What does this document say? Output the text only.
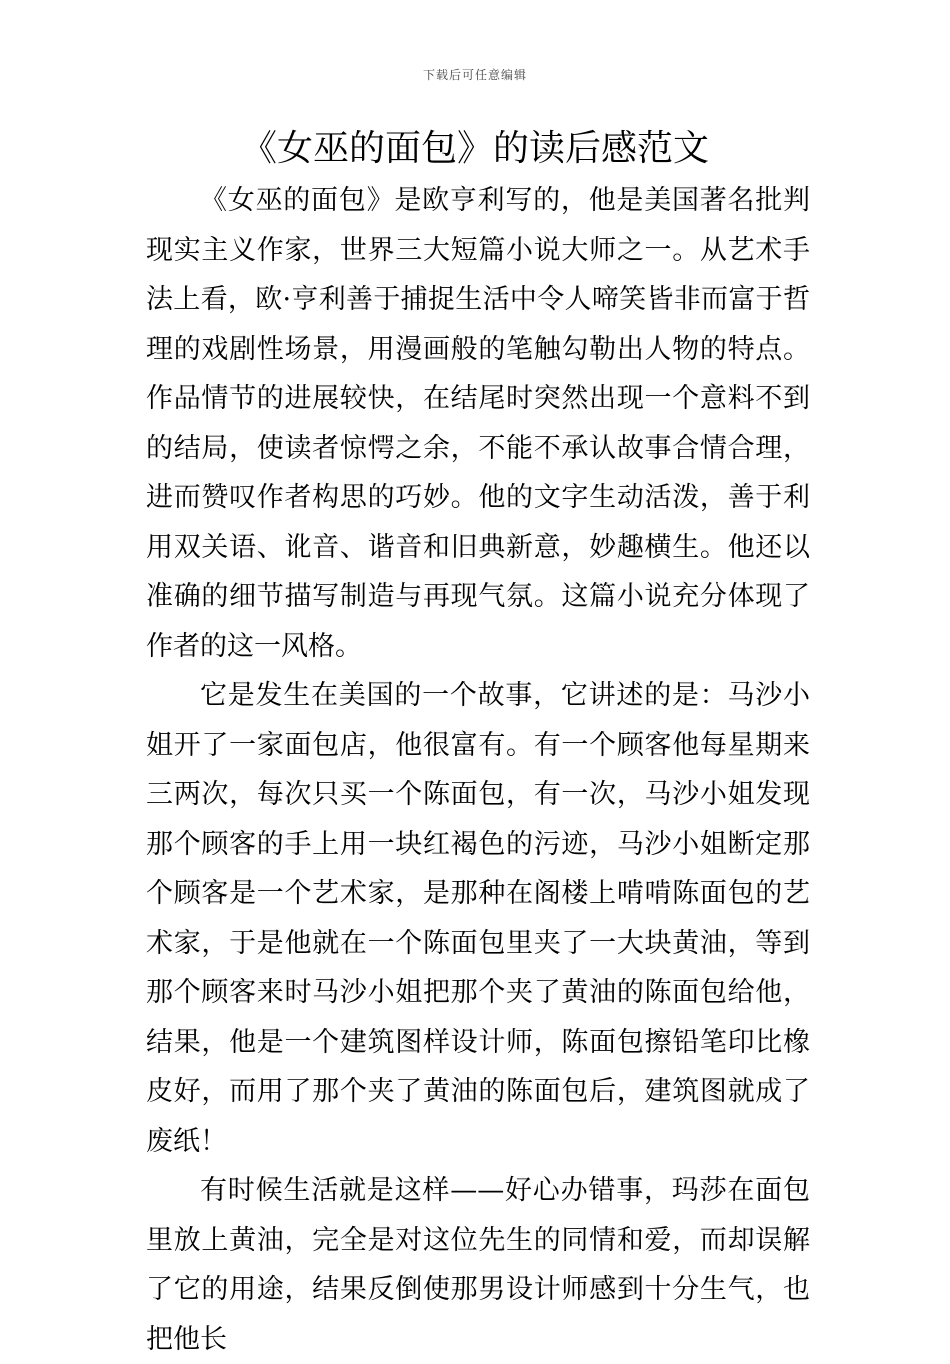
下载后可任意编辑
《女巫的面包》的读后感范文

《女巫的面包》是欧亨利写的，他是美国著名批判现实主义作家，世界三大短篇小说大师之一。从艺术手法上看，欧·亨利善于捕捉生活中令人啼笑皆非而富于哲理的戏剧性场景，用漫画般的笔触勾勒出人物的特点。作品情节的进展较快，在结尾时突然出现一个意料不到的结局，使读者惊愕之余，不能不承认故事合情合理，进而赞叹作者构思的巧妙。他的文字生动活泼，善于利用双关语、讹音、谐音和旧典新意，妙趣横生。他还以准确的细节描写制造与再现气氛。这篇小说充分体现了作者的这一风格。

它是发生在美国的一个故事，它讲述的是：马沙小姐开了一家面包店，他很富有。有一个顾客他每星期来三两次，每次只买一个陈面包，有一次，马沙小姐发现那个顾客的手上用一块红褐色的污迹，马沙小姐断定那个顾客是一个艺术家，是那种在阁楼上啃啃陈面包的艺术家，于是他就在一个陈面包里夹了一大块黄油，等到那个顾客来时马沙小姐把那个夹了黄油的陈面包给他，结果，他是一个建筑图样设计师，陈面包擦铅笔印比橡皮好，而用了那个夹了黄油的陈面包后，建筑图就成了废纸！

有时候生活就是这样——好心办错事，玛莎在面包里放上黄油，完全是对这位先生的同情和爱，而却误解了它的用途，结果反倒使那男设计师感到十分生气，也把他长
